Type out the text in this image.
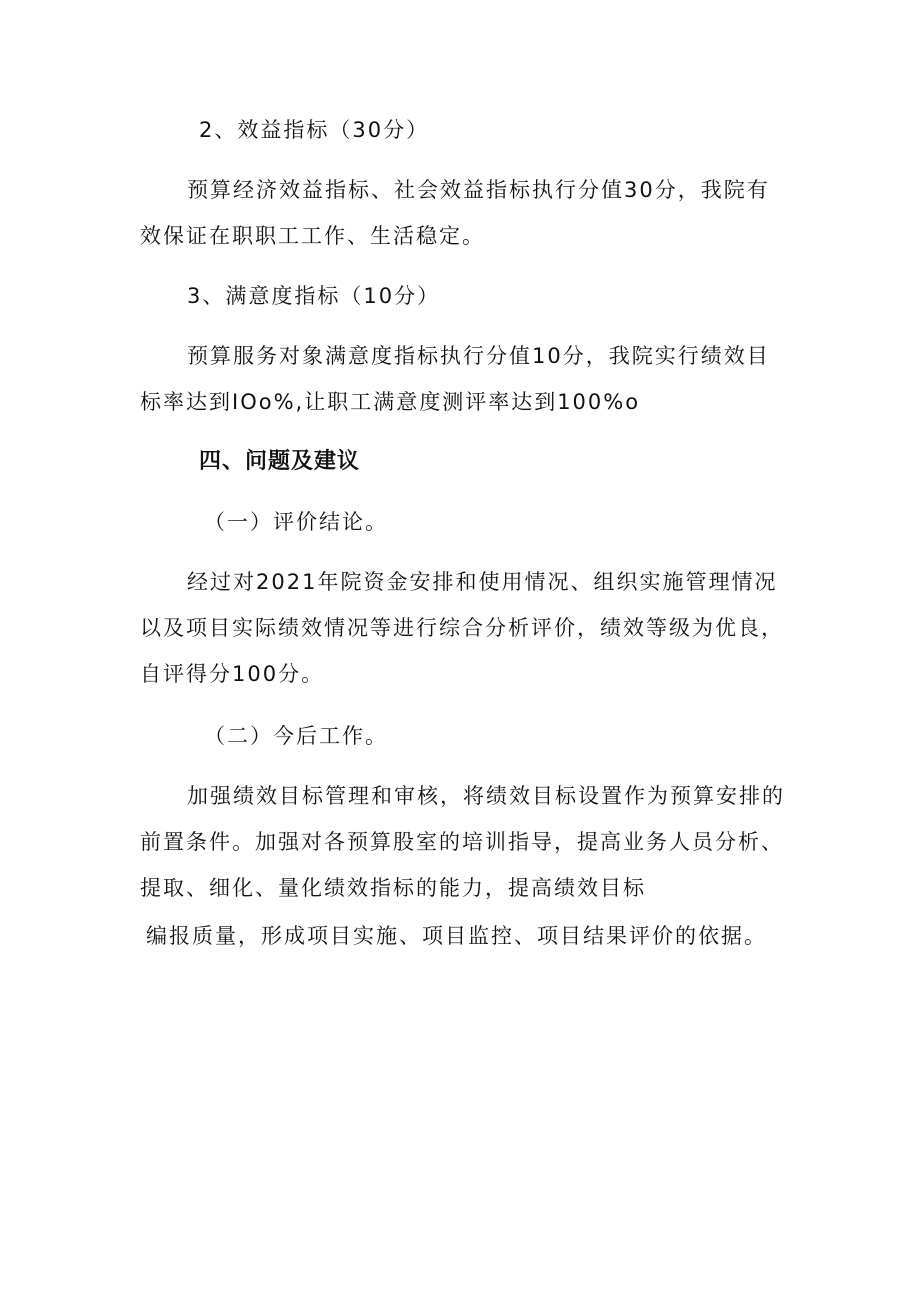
2、效益指标（30分）
预算经济效益指标、社会效益指标执行分值30分，我院有
效保证在职职工工作、生活稳定。
3、满意度指标（10分）
预算服务对象满意度指标执行分值10分，我院实行绩效目
标率达到IOo%,让职工满意度测评率达到100%o
四、问题及建议
（一）评价结论。
经过对2021年院资金安排和使用情况、组织实施管理情况
以及项目实际绩效情况等进行综合分析评价，绩效等级为优良，
自评得分100分。
（二）今后工作。
加强绩效目标管理和审核，将绩效目标设置作为预算安排的
前置条件。加强对各预算股室的培训指导，提高业务人员分析、
提取、细化、量化绩效指标的能力，提高绩效目标
编报质量，形成项目实施、项目监控、项目结果评价的依据。
